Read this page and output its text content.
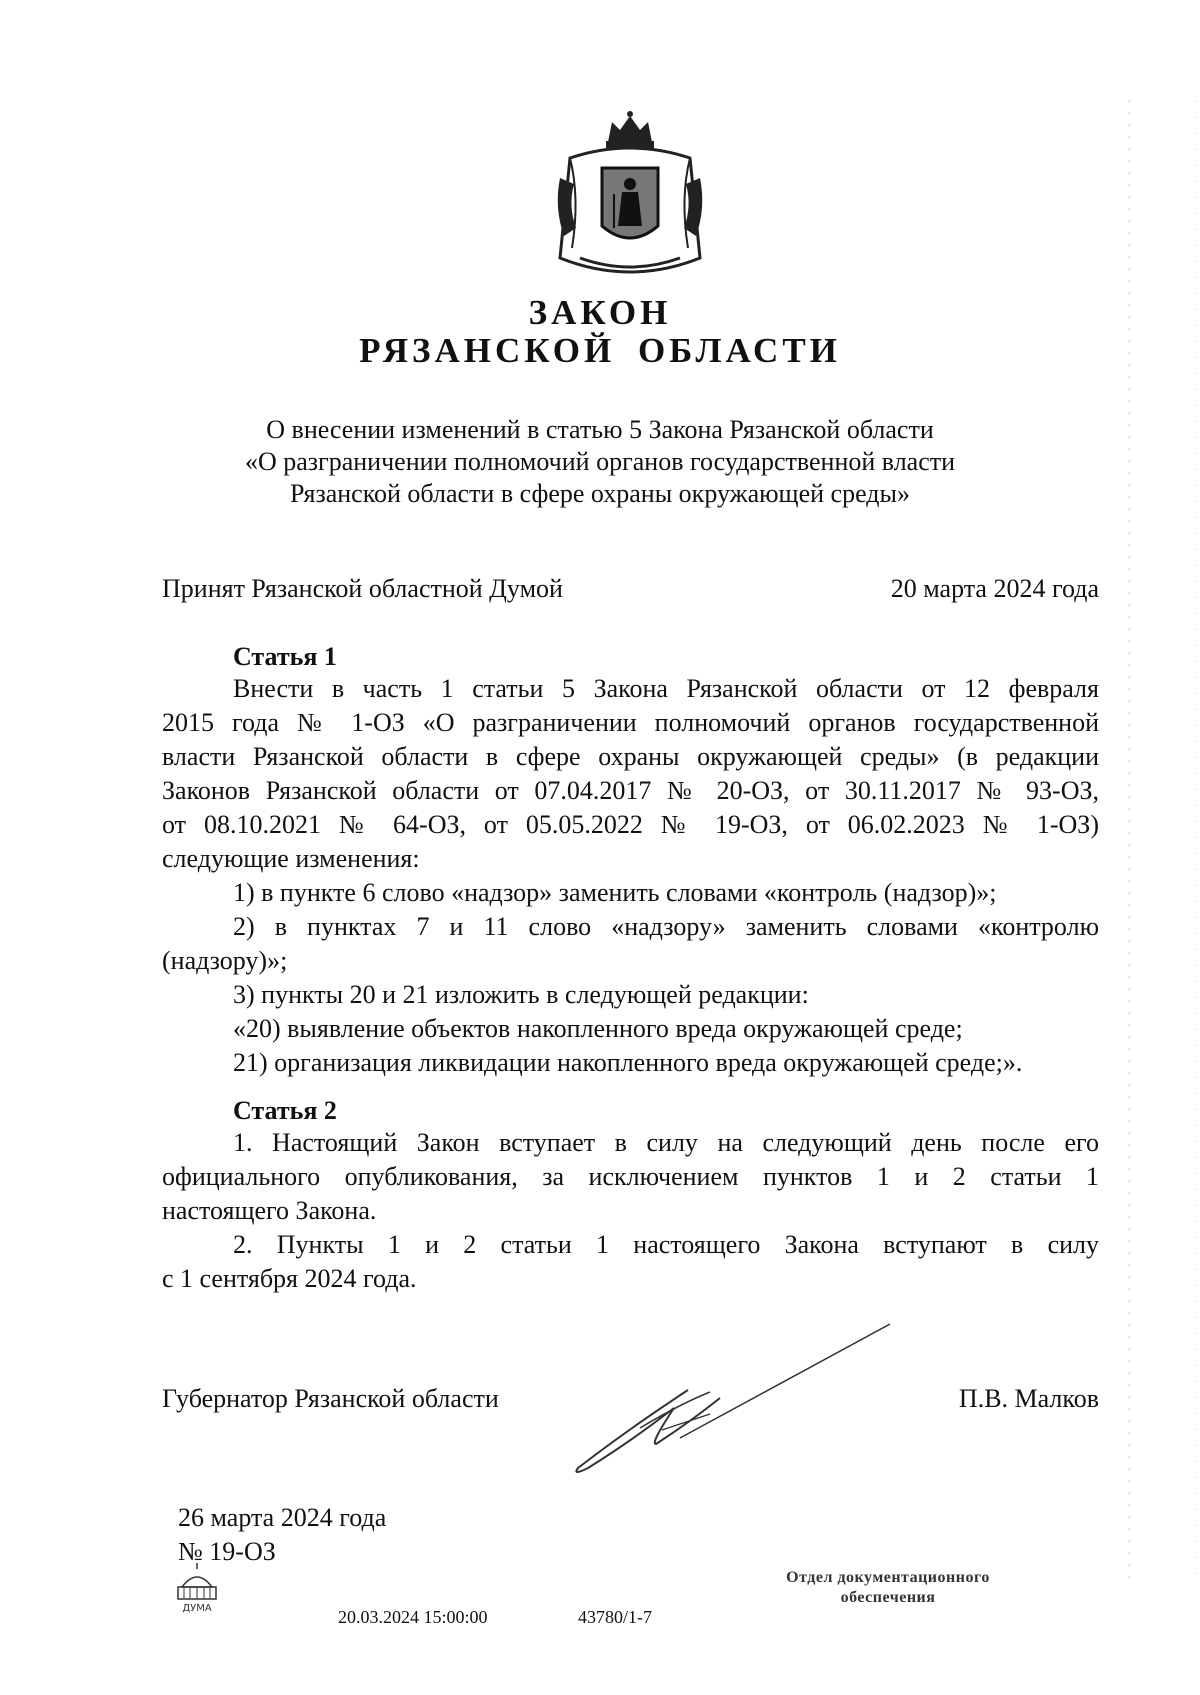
ЗАКОН
РЯЗАНСКОЙ ОБЛАСТИ
О внесении изменений в статью 5 Закона Рязанской области
«О разграничении полномочий органов государственной власти
Рязанской области в сфере охраны окружающей среды»
Принят Рязанской областной Думой	20 марта 2024 года
Статья 1
Внести в часть 1 статьи 5 Закона Рязанской области от 12 февраля
2015 года № 1-ОЗ «О разграничении полномочий органов государственной
власти Рязанской области в сфере охраны окружающей среды» (в редакции
Законов Рязанской области от 07.04.2017 № 20-ОЗ, от 30.11.2017 № 93-ОЗ,
от 08.10.2021 № 64-ОЗ, от 05.05.2022 № 19-ОЗ, от 06.02.2023 № 1-ОЗ)
следующие изменения:
1) в пункте 6 слово «надзор» заменить словами «контроль (надзор)»;
2) в пунктах 7 и 11 слово «надзору» заменить словами «контролю
(надзору)»;
3) пункты 20 и 21 изложить в следующей редакции:
«20) выявление объектов накопленного вреда окружающей среде;
21) организация ликвидации накопленного вреда окружающей среде;».
Статья 2
1. Настоящий Закон вступает в силу на следующий день после его
официального опубликования, за исключением пунктов 1 и 2 статьи 1
настоящего Закона.
2. Пункты 1 и 2 статьи 1 настоящего Закона вступают в силу
с 1 сентября 2024 года.
Губернатор Рязанской области	П.В. Малков
26 марта 2024 года
№ 19-ОЗ
ДУМА	20.03.2024 15:00:00	43780/1-7
Отдел документационного
обеспечения
